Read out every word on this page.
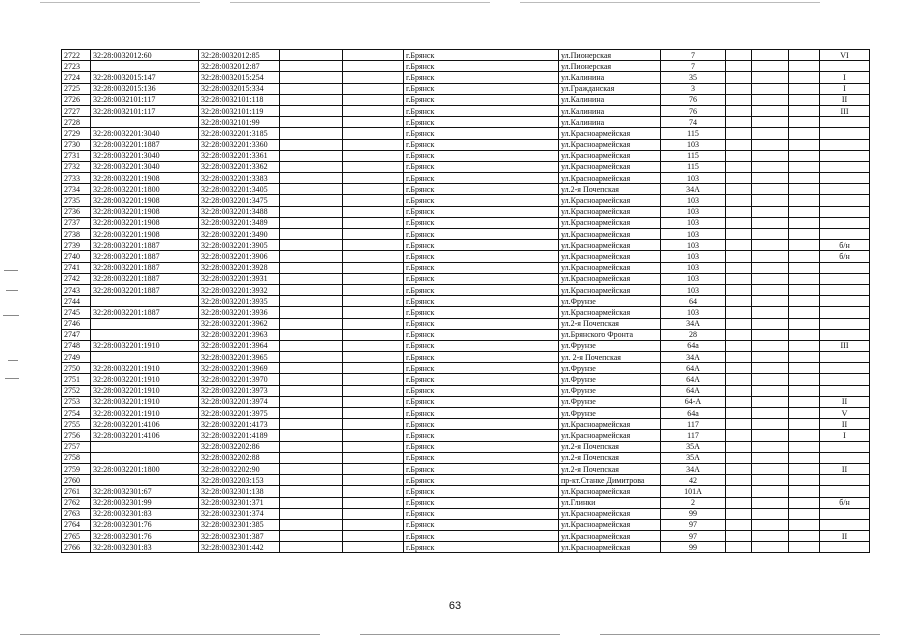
2722	32:28:0032012:60	32:28:0032012:85			г.Брянск	ул.Пионерская	7				VI
2723		32:28:0032012:87			г.Брянск	ул.Пионерская	7				
2724	32:28:0032015:147	32:28:0032015:254			г.Брянск	ул.Калинина	35				I
2725	32:28:0032015:136	32:28:0032015:334			г.Брянск	ул.Гражданская	3				I
2726	32:28:0032101:117	32:28:0032101:118			г.Брянск	ул.Калинина	76				II
2727	32:28:0032101:117	32:28:0032101:119			г.Брянск	ул.Калинина	76				III
2728		32:28:0032101:99			г.Брянск	ул.Калинина	74				
2729	32:28:0032201:3040	32:28:0032201:3185			г.Брянск	ул.Красноармейская	115				
2730	32:28:0032201:1887	32:28:0032201:3360			г.Брянск	ул.Красноармейская	103				
2731	32:28:0032201:3040	32:28:0032201:3361			г.Брянск	ул.Красноармейская	115				
2732	32:28:0032201:3040	32:28:0032201:3362			г.Брянск	ул.Красноармейская	115				
2733	32:28:0032201:1908	32:28:0032201:3383			г.Брянск	ул.Красноармейская	103				
2734	32:28:0032201:1800	32:28:0032201:3405			г.Брянск	ул.2-я Почепская	34А				
2735	32:28:0032201:1908	32:28:0032201:3475			г.Брянск	ул.Красноармейская	103				
2736	32:28:0032201:1908	32:28:0032201:3488			г.Брянск	ул.Красноармейская	103				
2737	32:28:0032201:1908	32:28:0032201:3489			г.Брянск	ул.Красноармейская	103				
2738	32:28:0032201:1908	32:28:0032201:3490			г.Брянск	ул.Красноармейская	103				
2739	32:28:0032201:1887	32:28:0032201:3905			г.Брянск	ул.Красноармейская	103				б/н
2740	32:28:0032201:1887	32:28:0032201:3906			г.Брянск	ул.Красноармейская	103				б/н
2741	32:28:0032201:1887	32:28:0032201:3928			г.Брянск	ул.Красноармейская	103				
2742	32:28:0032201:1887	32:28:0032201:3931			г.Брянск	ул.Красноармейская	103				
2743	32:28:0032201:1887	32:28:0032201:3932			г.Брянск	ул.Красноармейская	103				
2744		32:28:0032201:3935			г.Брянск	ул.Фрунзе	64				
2745	32:28:0032201:1887	32:28:0032201:3936			г.Брянск	ул.Красноармейская	103				
2746		32:28:0032201:3962			г.Брянск	ул.2-я Почепская	34А				
2747		32:28:0032201:3963			г.Брянск	ул.Брянского Фронта	28				
2748	32:28:0032201:1910	32:28:0032201:3964			г.Брянск	ул.Фрунзе	64а				III
2749		32:28:0032201:3965			г.Брянск	ул. 2-я Почепская	34А				
2750	32:28:0032201:1910	32:28:0032201:3969			г.Брянск	ул.Фрунзе	64А				
2751	32:28:0032201:1910	32:28:0032201:3970			г.Брянск	ул.Фрунзе	64А				
2752	32:28:0032201:1910	32:28:0032201:3973			г.Брянск	ул.Фрунзе	64А				
2753	32:28:0032201:1910	32:28:0032201:3974			г.Брянск	ул.Фрунзе	64-А				II
2754	32:28:0032201:1910	32:28:0032201:3975			г.Брянск	ул.Фрунзе	64а				V
2755	32:28:0032201:4106	32:28:0032201:4173			г.Брянск	ул.Красноармейская	117				II
2756	32:28:0032201:4106	32:28:0032201:4189			г.Брянск	ул.Красноармейская	117				I
2757		32:28:0032202:86			г.Брянск	ул.2-я Почепская	35А				
2758		32:28:0032202:88			г.Брянск	ул.2-я Почепская	35А				
2759	32:28:0032201:1800	32:28:0032202:90			г.Брянск	ул.2-я Почепская	34А				II
2760		32:28:0032203:153			г.Брянск	пр-кт.Станке Димитрова	42				
2761	32:28:0032301:67	32:28:0032301:138			г.Брянск	ул.Красноармейская	101А				
2762	32:28:0032301:99	32:28:0032301:371			г.Брянск	ул.Глинки	2				б/н
2763	32:28:0032301:83	32:28:0032301:374			г.Брянск	ул.Красноармейская	99				
2764	32:28:0032301:76	32:28:0032301:385			г.Брянск	ул.Красноармейская	97				
2765	32:28:0032301:76	32:28:0032301:387			г.Брянск	ул.Красноармейская	97				II
2766	32:28:0032301:83	32:28:0032301:442			г.Брянск	ул.Красноармейская	99				
63
